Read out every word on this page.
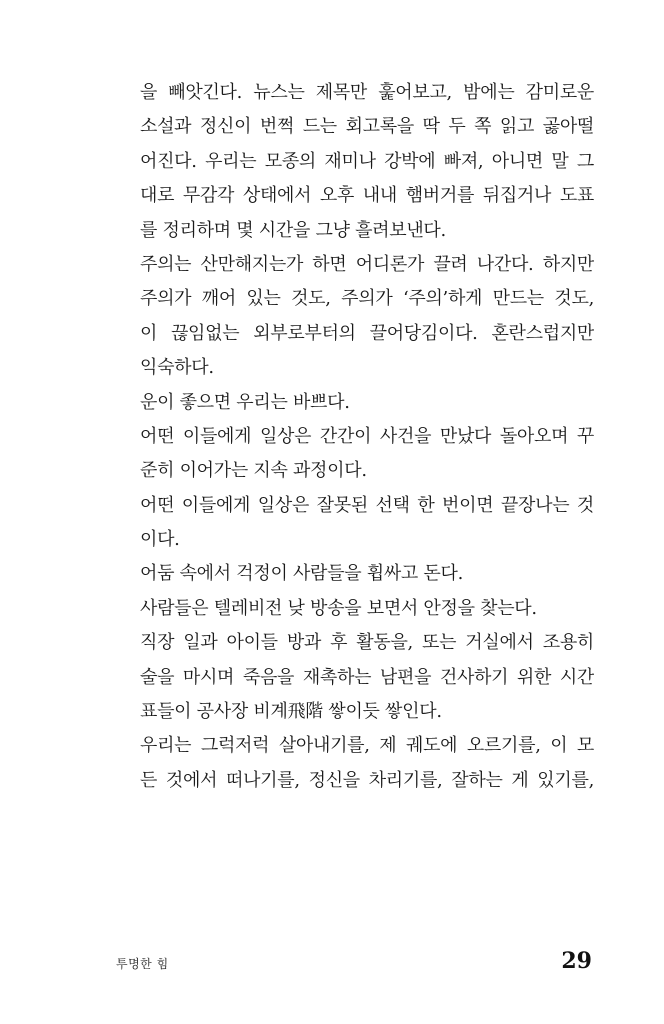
을 빼앗긴다. 뉴스는 제목만 훑어보고, 밤에는 감미로운
소설과 정신이 번쩍 드는 회고록을 딱 두 쪽 읽고 곯아떨
어진다. 우리는 모종의 재미나 강박에 빠져, 아니면 말 그
대로 무감각 상태에서 오후 내내 햄버거를 뒤집거나 도표
를 정리하며 몇 시간을 그냥 흘려보낸다.
주의는 산만해지는가 하면 어디론가 끌려 나간다. 하지만
주의가 깨어 있는 것도, 주의가 ‘주의’하게 만드는 것도,
이 끊임없는 외부로부터의 끌어당김이다. 혼란스럽지만
익숙하다.
운이 좋으면 우리는 바쁘다.
어떤 이들에게 일상은 간간이 사건을 만났다 돌아오며 꾸
준히 이어가는 지속 과정이다.
어떤 이들에게 일상은 잘못된 선택 한 번이면 끝장나는 것
이다.
어둠 속에서 걱정이 사람들을 휩싸고 돈다.
사람들은 텔레비전 낮 방송을 보면서 안정을 찾는다.
직장 일과 아이들 방과 후 활동을, 또는 거실에서 조용히
술을 마시며 죽음을 재촉하는 남편을 건사하기 위한 시간
표들이 공사장 비계飛階 쌓이듯 쌓인다.
우리는 그럭저럭 살아내기를, 제 궤도에 오르기를, 이 모
든 것에서 떠나기를, 정신을 차리기를, 잘하는 게 있기를,
투명한 힘	29
